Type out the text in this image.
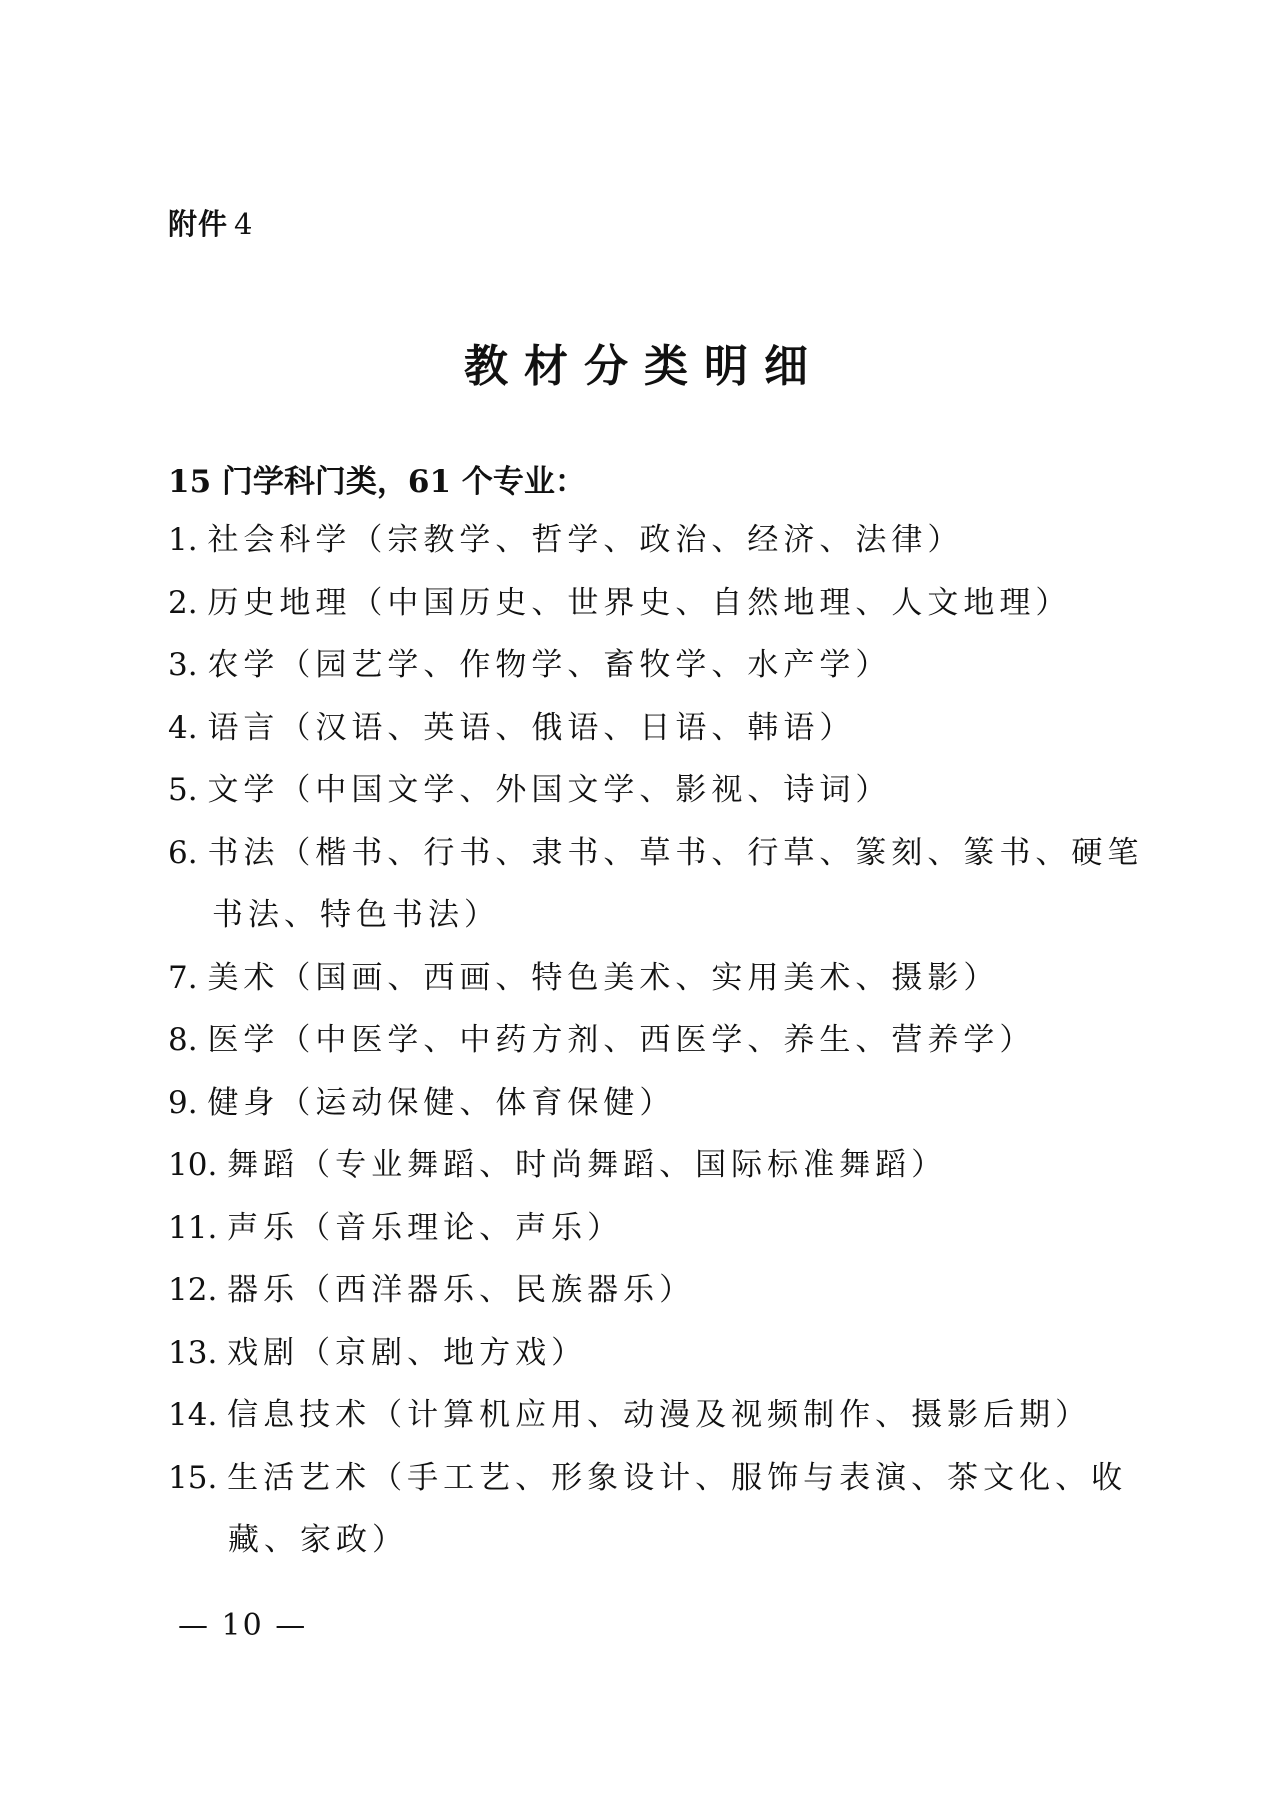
附件 4
教材分类明细
15 门学科门类，61 个专业：
1. 社会科学（宗教学、哲学、政治、经济、法律）
2. 历史地理（中国历史、世界史、自然地理、人文地理）
3. 农学（园艺学、作物学、畜牧学、水产学）
4. 语言（汉语、英语、俄语、日语、韩语）
5. 文学（中国文学、外国文学、影视、诗词）
6. 书法（楷书、行书、隶书、草书、行草、篆刻、篆书、硬笔
书法、特色书法）
7. 美术（国画、西画、特色美术、实用美术、摄影）
8. 医学（中医学、中药方剂、西医学、养生、营养学）
9. 健身（运动保健、体育保健）
10. 舞蹈（专业舞蹈、时尚舞蹈、国际标准舞蹈）
11. 声乐（音乐理论、声乐）
12. 器乐（西洋器乐、民族器乐）
13. 戏剧（京剧、地方戏）
14. 信息技术（计算机应用、动漫及视频制作、摄影后期）
15. 生活艺术（手工艺、形象设计、服饰与表演、茶文化、收
藏、家政）
— 10 —
